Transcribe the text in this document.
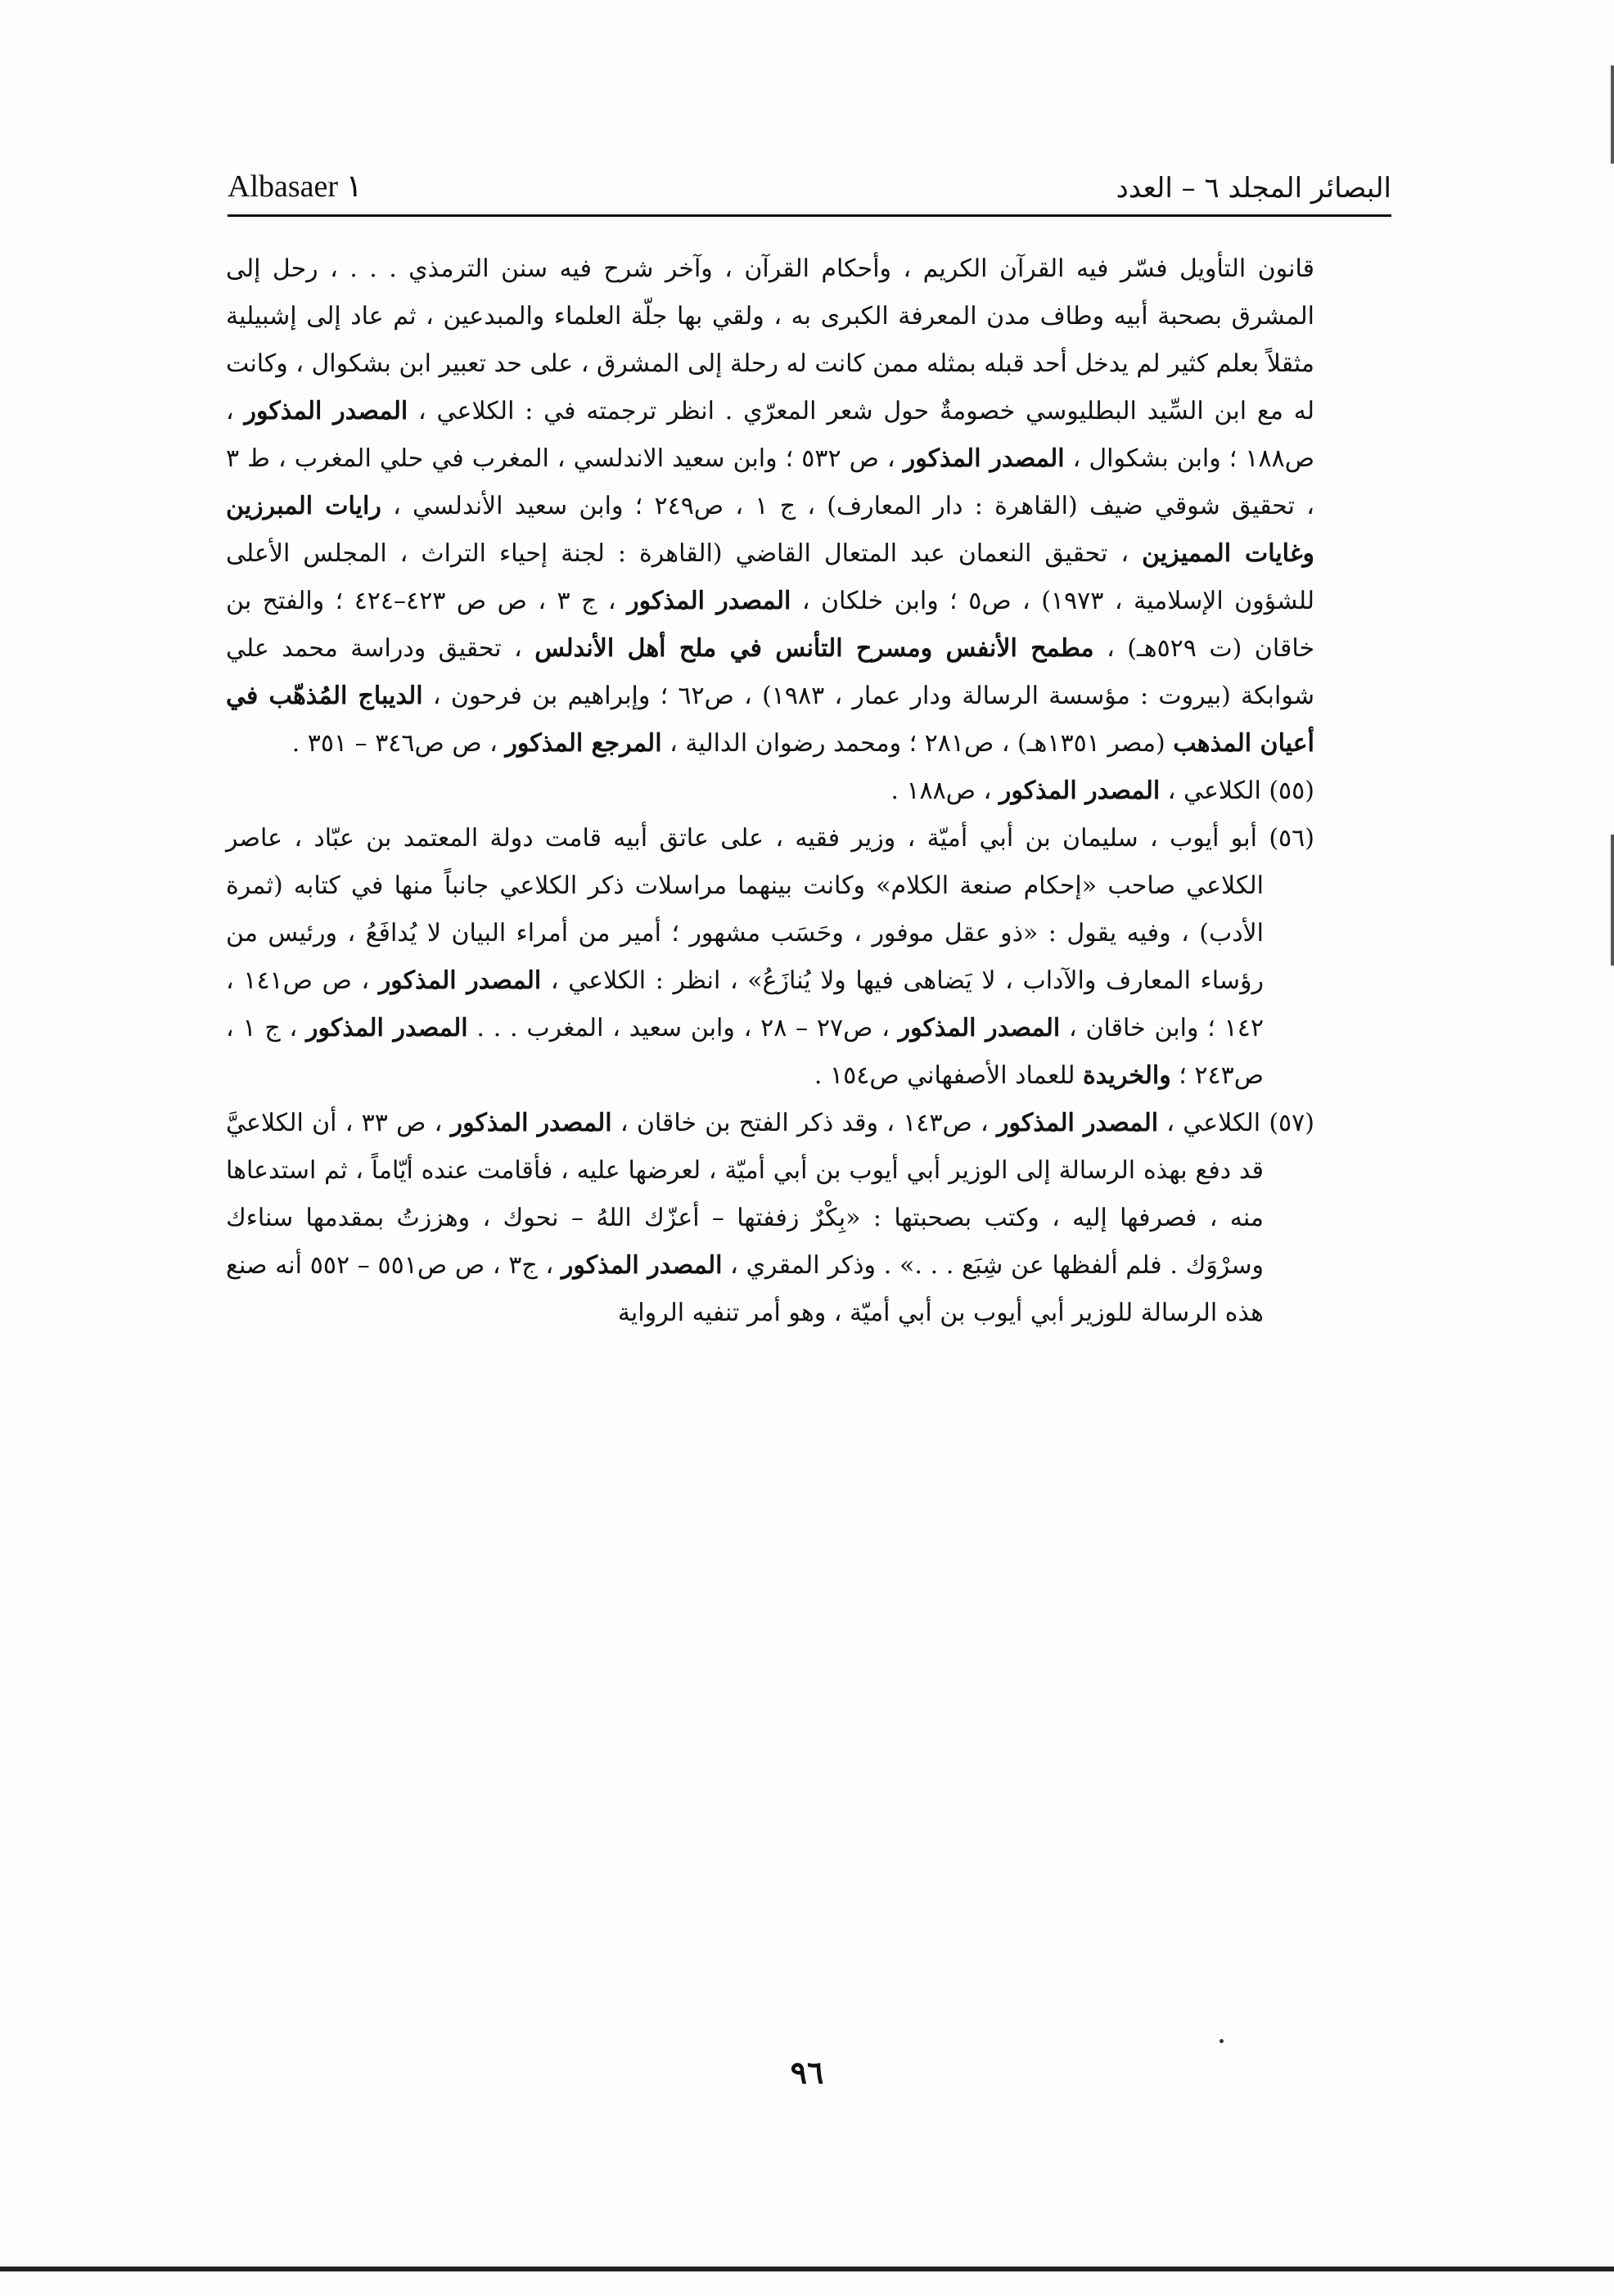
Albasaer ١	البصائر المجلد ٦ – العدد

قانون التأويل فسّر فيه القرآن الكريم ، وأحكام القرآن ، وآخر شرح فيه سنن الترمذي . . . ، رحل إلى المشرق بصحبة أبيه وطاف مدن المعرفة الكبرى به ، ولقي بها جلّة العلماء والمبدعين ، ثم عاد إلى إشبيلية مثقلاً بعلم كثير لم يدخل أحد قبله بمثله ممن كانت له رحلة إلى المشرق ، على حد تعبير ابن بشكوال ، وكانت له مع ابن السِّيد البطليوسي خصومةٌ حول شعر المعرّي . انظر ترجمته في : الكلاعي ، المصدر المذكور ، ص١٨٨ ؛ وابن بشكوال ، المصدر المذكور ، ص ٥٣٢ ؛ وابن سعيد الاندلسي ، المغرب في حلي المغرب ، ط ٣ ، تحقيق شوقي ضيف (القاهرة : دار المعارف) ، ج ١ ، ص٢٤٩ ؛ وابن سعيد الأندلسي ، رايات المبرزين وغايات المميزين ، تحقيق النعمان عبد المتعال القاضي (القاهرة : لجنة إحياء التراث ، المجلس الأعلى للشؤون الإسلامية ، ١٩٧٣) ، ص٥ ؛ وابن خلكان ، المصدر المذكور ، ج ٣ ، ص ص ٤٢٣–٤٢٤ ؛ والفتح بن خاقان (ت ٥٢٩هـ) ، مطمح الأنفس ومسرح التأنس في ملح أهل الأندلس ، تحقيق ودراسة محمد علي شوابكة (بيروت : مؤسسة الرسالة ودار عمار ، ١٩٨٣) ، ص٦٢ ؛ وإبراهيم بن فرحون ، الديباج المُذهّب في أعيان المذهب (مصر ١٣٥١هـ) ، ص٢٨١ ؛ ومحمد رضوان الدالية ، المرجع المذكور ، ص ص٣٤٦ – ٣٥١ .

(٥٥) الكلاعي ، المصدر المذكور ، ص١٨٨ .

(٥٦) أبو أيوب ، سليمان بن أبي أميّة ، وزير فقيه ، على عاتق أبيه قامت دولة المعتمد بن عبّاد ، عاصر الكلاعي صاحب «إحكام صنعة الكلام» وكانت بينهما مراسلات ذكر الكلاعي جانباً منها في كتابه (ثمرة الأدب) ، وفيه يقول : «ذو عقل موفور ، وحَسَب مشهور ؛ أمير من أمراء البيان لا يُدافَعُ ، ورئيس من رؤساء المعارف والآداب ، لا يَضاهى فيها ولا يُنازَعُ» ، انظر : الكلاعي ، المصدر المذكور ، ص ص١٤١ ، ١٤٢ ؛ وابن خاقان ، المصدر المذكور ، ص٢٧ – ٢٨ ، وابن سعيد ، المغرب . . . المصدر المذكور ، ج ١ ، ص٢٤٣ ؛ والخريدة للعماد الأصفهاني ص١٥٤ .

(٥٧) الكلاعي ، المصدر المذكور ، ص١٤٣ ، وقد ذكر الفتح بن خاقان ، المصدر المذكور ، ص ٣٣ ، أن الكلاعيَّ قد دفع بهذه الرسالة إلى الوزير أبي أيوب بن أبي أميّة ، لعرضها عليه ، فأقامت عنده أيّاماً ، ثم استدعاها منه ، فصرفها إليه ، وكتب بصحبتها : «بِكْرٌ زففتها – أعزّك اللهُ – نحوك ، وهززتُ بمقدمها سناءك وسرْوَك . فلم ألفظها عن شِبَع . . .» . وذكر المقري ، المصدر المذكور ، ج٣ ، ص ص٥٥١ – ٥٥٢ أنه صنع هذه الرسالة للوزير أبي أيوب بن أبي أميّة ، وهو أمر تنفيه الرواية

٩٦
